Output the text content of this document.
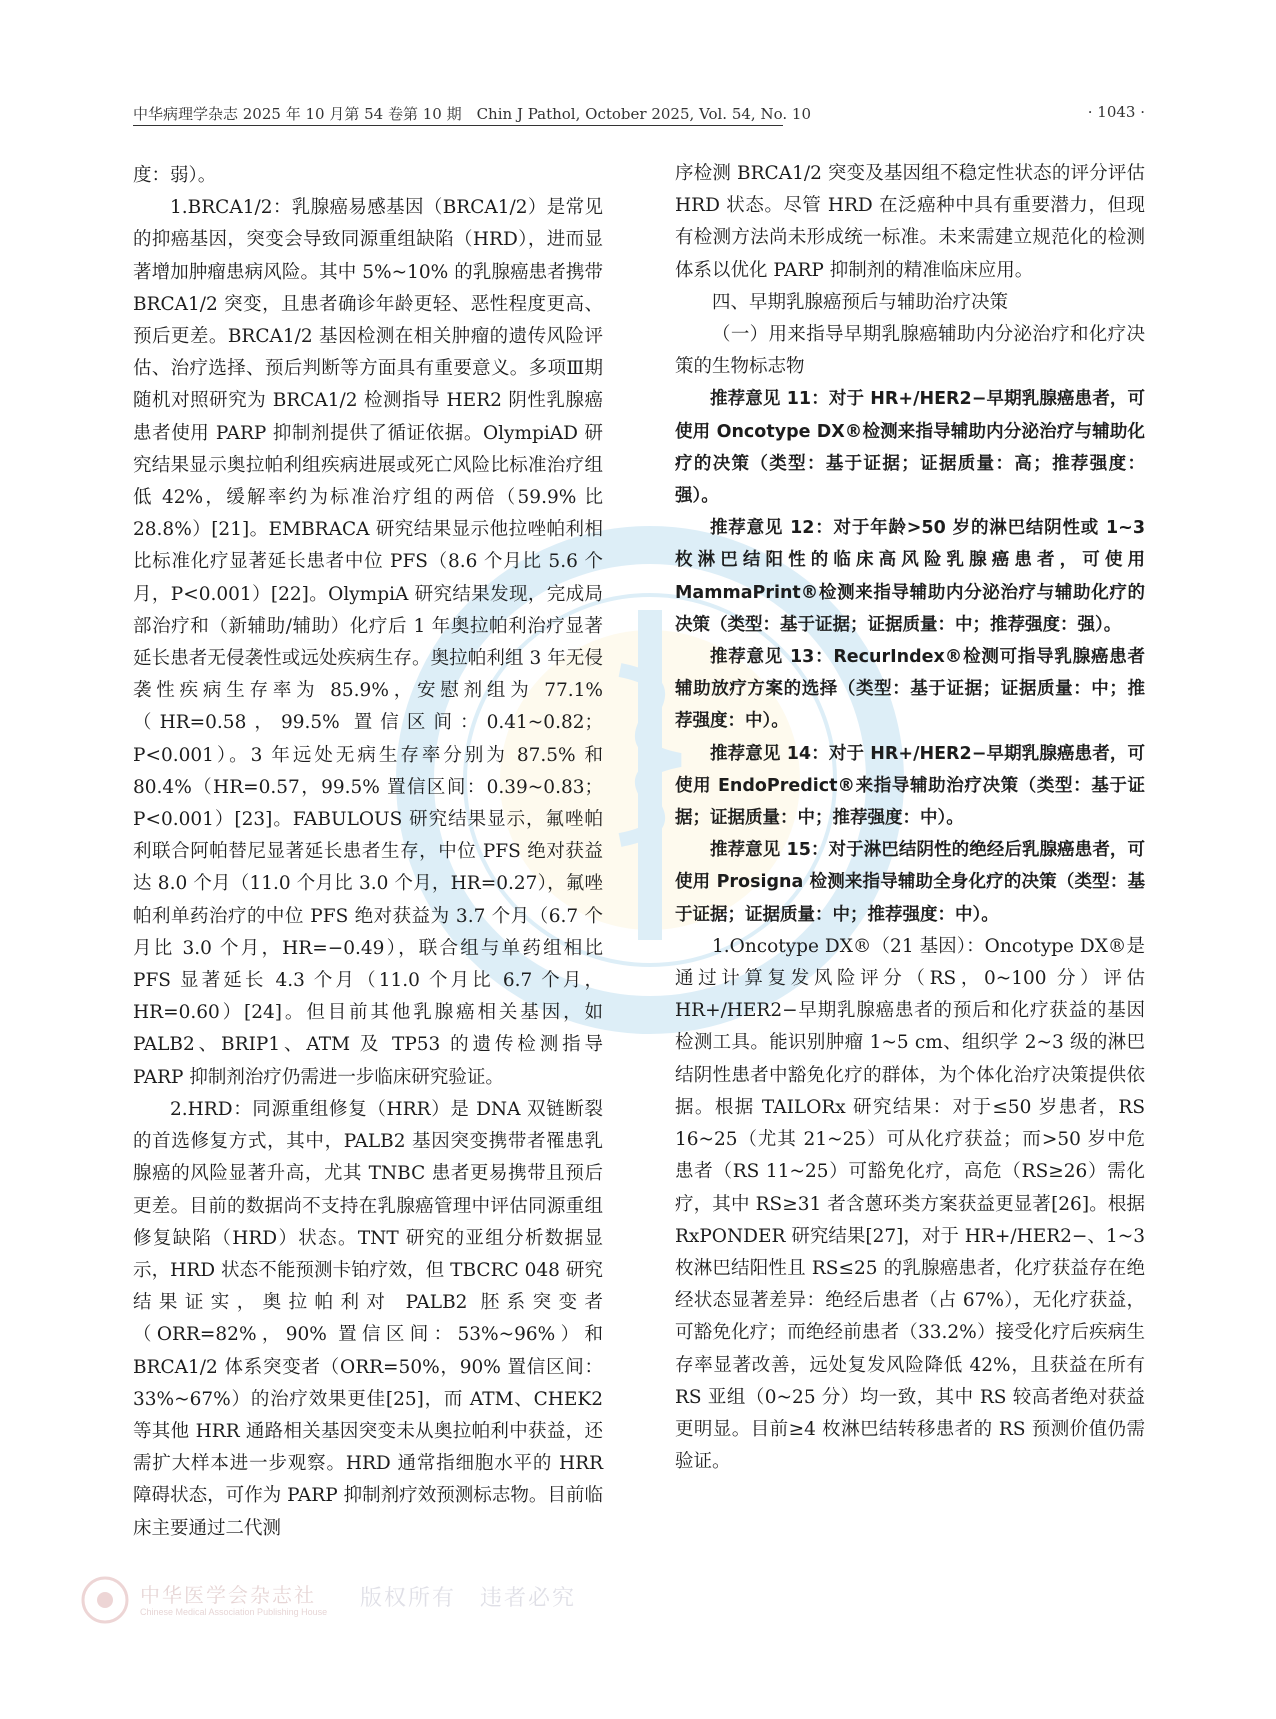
中华病理学杂志 2025 年 10 月第 54 卷第 10 期　Chin J Pathol, October 2025, Vol. 54, No. 10	· 1043 ·

度：弱）。

1.BRCA1/2：乳腺癌易感基因（BRCA1/2）是常见的抑癌基因，突变会导致同源重组缺陷（HRD），进而显著增加肿瘤患病风险。其中 5%~10% 的乳腺癌患者携带 BRCA1/2 突变，且患者确诊年龄更轻、恶性程度更高、预后更差。BRCA1/2 基因检测在相关肿瘤的遗传风险评估、治疗选择、预后判断等方面具有重要意义。多项Ⅲ期随机对照研究为 BRCA1/2 检测指导 HER2 阴性乳腺癌患者使用 PARP 抑制剂提供了循证依据。OlympiAD 研究结果显示奥拉帕利组疾病进展或死亡风险比标准治疗组低 42%，缓解率约为标准治疗组的两倍（59.9% 比 28.8%）[21]。EMBRACA 研究结果显示他拉唑帕利相比标准化疗显著延长患者中位 PFS（8.6 个月比 5.6 个月，P<0.001）[22]。OlympiA 研究结果发现，完成局部治疗和（新辅助/辅助）化疗后 1 年奥拉帕利治疗显著延长患者无侵袭性或远处疾病生存。奥拉帕利组 3 年无侵袭性疾病生存率为 85.9%，安慰剂组为 77.1%（HR=0.58，99.5% 置信区间：0.41~0.82；P<0.001）。3 年远处无病生存率分别为 87.5% 和 80.4%（HR=0.57，99.5% 置信区间：0.39~0.83；P<0.001）[23]。FABULOUS 研究结果显示，氟唑帕利联合阿帕替尼显著延长患者生存，中位 PFS 绝对获益达 8.0 个月（11.0 个月比 3.0 个月，HR=0.27），氟唑帕利单药治疗的中位 PFS 绝对获益为 3.7 个月（6.7 个月比 3.0 个月，HR=−0.49），联合组与单药组相比 PFS 显著延长 4.3 个月（11.0 个月比 6.7 个月，HR=0.60）[24]。但目前其他乳腺癌相关基因，如 PALB2、BRIP1、ATM 及 TP53 的遗传检测指导 PARP 抑制剂治疗仍需进一步临床研究验证。

2.HRD：同源重组修复（HRR）是 DNA 双链断裂的首选修复方式，其中，PALB2 基因突变携带者罹患乳腺癌的风险显著升高，尤其 TNBC 患者更易携带且预后更差。目前的数据尚不支持在乳腺癌管理中评估同源重组修复缺陷（HRD）状态。TNT 研究的亚组分析数据显示，HRD 状态不能预测卡铂疗效，但 TBCRC 048 研究结果证实，奥拉帕利对 PALB2 胚系突变者（ORR=82%，90% 置信区间：53%~96%）和 BRCA1/2 体系突变者（ORR=50%，90% 置信区间：33%~67%）的治疗效果更佳[25]，而 ATM、CHEK2 等其他 HRR 通路相关基因突变未从奥拉帕利中获益，还需扩大样本进一步观察。HRD 通常指细胞水平的 HRR 障碍状态，可作为 PARP 抑制剂疗效预测标志物。目前临床主要通过二代测

序检测 BRCA1/2 突变及基因组不稳定性状态的评分评估 HRD 状态。尽管 HRD 在泛癌种中具有重要潜力，但现有检测方法尚未形成统一标准。未来需建立规范化的检测体系以优化 PARP 抑制剂的精准临床应用。

四、早期乳腺癌预后与辅助治疗决策

（一）用来指导早期乳腺癌辅助内分泌治疗和化疗决策的生物标志物

推荐意见 11：对于 HR+/HER2−早期乳腺癌患者，可使用 Oncotype DX®检测来指导辅助内分泌治疗与辅助化疗的决策（类型：基于证据；证据质量：高；推荐强度：强）。

推荐意见 12：对于年龄>50 岁的淋巴结阴性或 1~3 枚淋巴结阳性的临床高风险乳腺癌患者，可使用 MammaPrint®检测来指导辅助内分泌治疗与辅助化疗的决策（类型：基于证据；证据质量：中；推荐强度：强）。

推荐意见 13：RecurIndex®检测可指导乳腺癌患者辅助放疗方案的选择（类型：基于证据；证据质量：中；推荐强度：中）。

推荐意见 14：对于 HR+/HER2−早期乳腺癌患者，可使用 EndoPredict®来指导辅助治疗决策（类型：基于证据；证据质量：中；推荐强度：中）。

推荐意见 15：对于淋巴结阴性的绝经后乳腺癌患者，可使用 Prosigna 检测来指导辅助全身化疗的决策（类型：基于证据；证据质量：中；推荐强度：中）。

1.Oncotype DX®（21 基因）：Oncotype DX®是通过计算复发风险评分（RS，0~100 分）评估 HR+/HER2−早期乳腺癌患者的预后和化疗获益的基因检测工具。能识别肿瘤 1~5 cm、组织学 2~3 级的淋巴结阴性患者中豁免化疗的群体，为个体化治疗决策提供依据。根据 TAILORx 研究结果：对于≤50 岁患者，RS 16~25（尤其 21~25）可从化疗获益；而>50 岁中危患者（RS 11~25）可豁免化疗，高危（RS≥26）需化疗，其中 RS≥31 者含蒽环类方案获益更显著[26]。根据 RxPONDER 研究结果[27]，对于 HR+/HER2−、1~3 枚淋巴结阳性且 RS≤25 的乳腺癌患者，化疗获益存在绝经状态显著差异：绝经后患者（占 67%），无化疗获益，可豁免化疗；而绝经前患者（33.2%）接受化疗后疾病生存率显著改善，远处复发风险降低 42%，且获益在所有 RS 亚组（0~25 分）均一致，其中 RS 较高者绝对获益更明显。目前≥4 枚淋巴结转移患者的 RS 预测价值仍需验证。

中华医学会杂志社
Chinese Medical Association Publishing House
版权所有　违者必究
